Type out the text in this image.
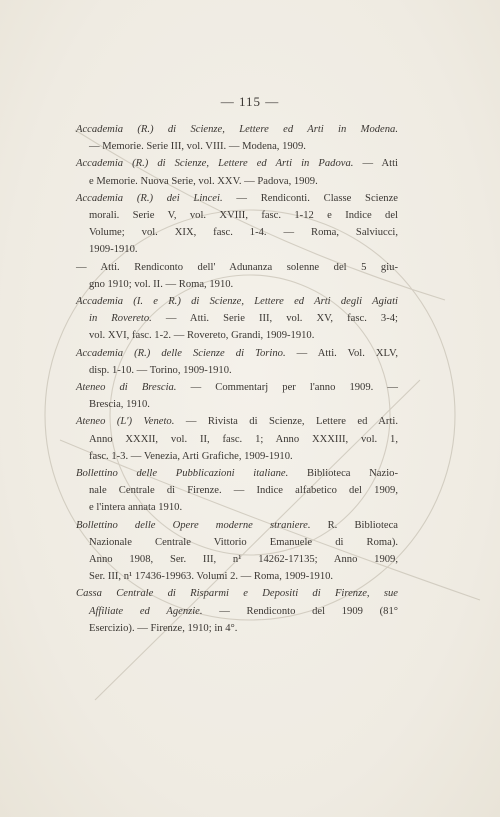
— 115 —
Accademia (R.) di Scienze, Lettere ed Arti in Modena.
— Memorie. Serie III, vol. VIII. — Modena, 1909.
Accademia (R.) di Scienze, Lettere ed Arti in Padova. — Atti
e Memorie. Nuova Serie, vol. XXV. — Padova, 1909.
Accademia (R.) dei Lincei. — Rendiconti. Classe Scienze
morali. Serie V, vol. XVIII, fasc. 1-12 e Indice del
Volume; vol. XIX, fasc. 1-4. — Roma, Salviucci,
1909-1910.
— Atti. Rendiconto dell' Adunanza solenne del 5 giu-
gno 1910; vol. II. — Roma, 1910.
Accademia (I. e R.) di Scienze, Lettere ed Arti degli Agiati
in Rovereto. — Atti. Serie III, vol. XV, fasc. 3-4;
vol. XVI, fasc. 1-2. — Rovereto, Grandi, 1909-1910.
Accademia (R.) delle Scienze di Torino. — Atti. Vol. XLV,
disp. 1-10. — Torino, 1909-1910.
Ateneo di Brescia. — Commentarj per l'anno 1909. —
Brescia, 1910.
Ateneo (L') Veneto. — Rivista di Scienze, Lettere ed Arti.
Anno XXXII, vol. II, fasc. 1; Anno XXXIII, vol. 1,
fasc. 1-3. — Venezia, Arti Grafiche, 1909-1910.
Bollettino delle Pubblicazioni italiane. Biblioteca Nazio-
nale Centrale di Firenze. — Indice alfabetico del 1909,
e l'intera annata 1910.
Bollettino delle Opere moderne straniere. R. Biblioteca
Nazionale Centrale Vittorio Emanuele di Roma).
Anno 1908, Ser. III, n¹ 14262-17135; Anno 1909,
Ser. III, n¹ 17436-19963. Volumi 2. — Roma, 1909-1910.
Cassa Centrale di Risparmi e Depositi di Firenze, sue
Affiliate ed Agenzie. — Rendiconto del 1909 (81°
Esercizio). — Firenze, 1910; in 4°.
